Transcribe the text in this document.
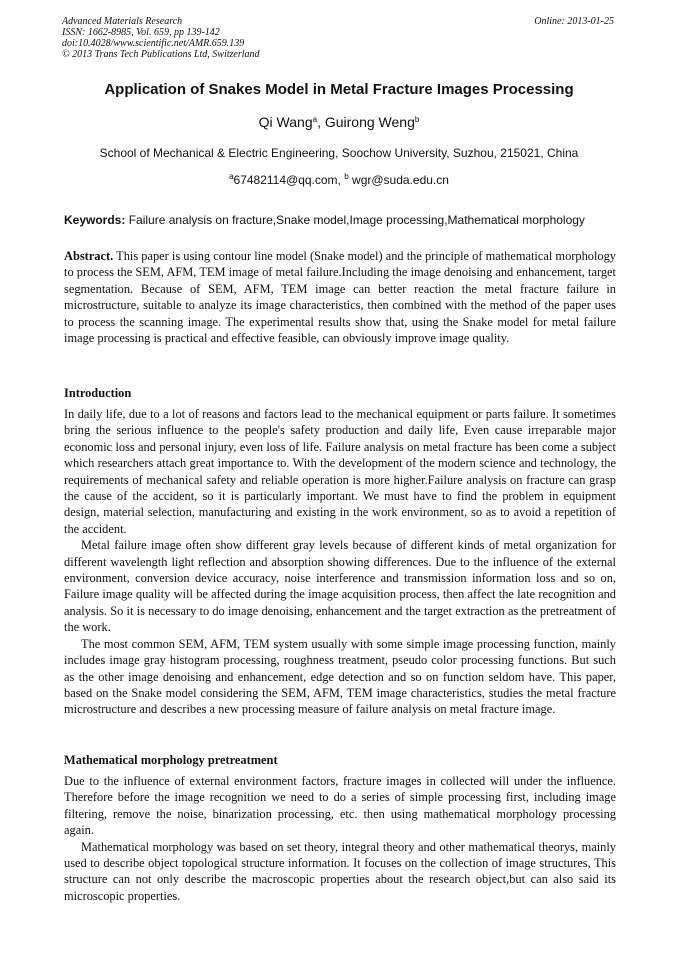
Advanced Materials Research
ISSN: 1662-8985, Vol. 659, pp 139-142
doi:10.4028/www.scientific.net/AMR.659.139
© 2013 Trans Tech Publications Ltd, Switzerland
Online: 2013-01-25
Application of Snakes Model in Metal Fracture Images Processing
Qi Wang$^a$, Guirong Weng$^b$
School of Mechanical & Electric Engineering, Soochow University, Suzhou, 215021, China
$^a$67482114@qq.com, $^b$ wgr@suda.edu.cn
Keywords: Failure analysis on fracture,Snake model,Image processing,Mathematical morphology

Abstract. This paper is using contour line model (Snake model) and the principle of mathematical morphology to process the SEM, AFM, TEM image of metal failure.Including the image denoising and enhancement, target segmentation. Because of SEM, AFM, TEM image can better reaction the metal fracture failure in microstructure, suitable to analyze its image characteristics, then combined with the method of the paper uses to process the scanning image. The experimental results show that, using the Snake model for metal failure image processing is practical and effective feasible, can obviously improve image quality.

Introduction

In daily life, due to a lot of reasons and factors lead to the mechanical equipment or parts failure. It sometimes bring the serious influence to the people's safety production and daily life, Even cause irreparable major economic loss and personal injury, even loss of life. Failure analysis on metal fracture has been come a subject which researchers attach great importance to. With the development of the modern science and technology, the requirements of mechanical safety and reliable operation is more higher.Failure analysis on fracture can grasp the cause of the accident, so it is particularly important. We must have to find the problem in equipment design, material selection, manufacturing and existing in the work environment, so as to avoid a repetition of the accident.

Metal failure image often show different gray levels because of different kinds of metal organization for different wavelength light reflection and absorption showing differences. Due to the influence of the external environment, conversion device accuracy, noise interference and transmission information loss and so on, Failure image quality will be affected during the image acquisition process, then affect the late recognition and analysis. So it is necessary to do image denoising, enhancement and the target extraction as the pretreatment of the work.

The most common SEM, AFM, TEM system usually with some simple image processing function, mainly includes image gray histogram processing, roughness treatment, pseudo color processing functions. But such as the other image denoising and enhancement, edge detection and so on function seldom have. This paper, based on the Snake model considering the SEM, AFM, TEM image characteristics, studies the metal fracture microstructure and describes a new processing measure of failure analysis on metal fracture image.

Mathematical morphology pretreatment

Due to the influence of external environment factors, fracture images in collected will under the influence. Therefore before the image recognition we need to do a series of simple processing first, including image filtering, remove the noise, binarization processing, etc. then using mathematical morphology processing again.

Mathematical morphology was based on set theory, integral theory and other mathematical theorys, mainly used to describe object topological structure information. It focuses on the collection of image structures, This structure can not only describe the macroscopic properties about the research object,but can also said its microscopic properties.
